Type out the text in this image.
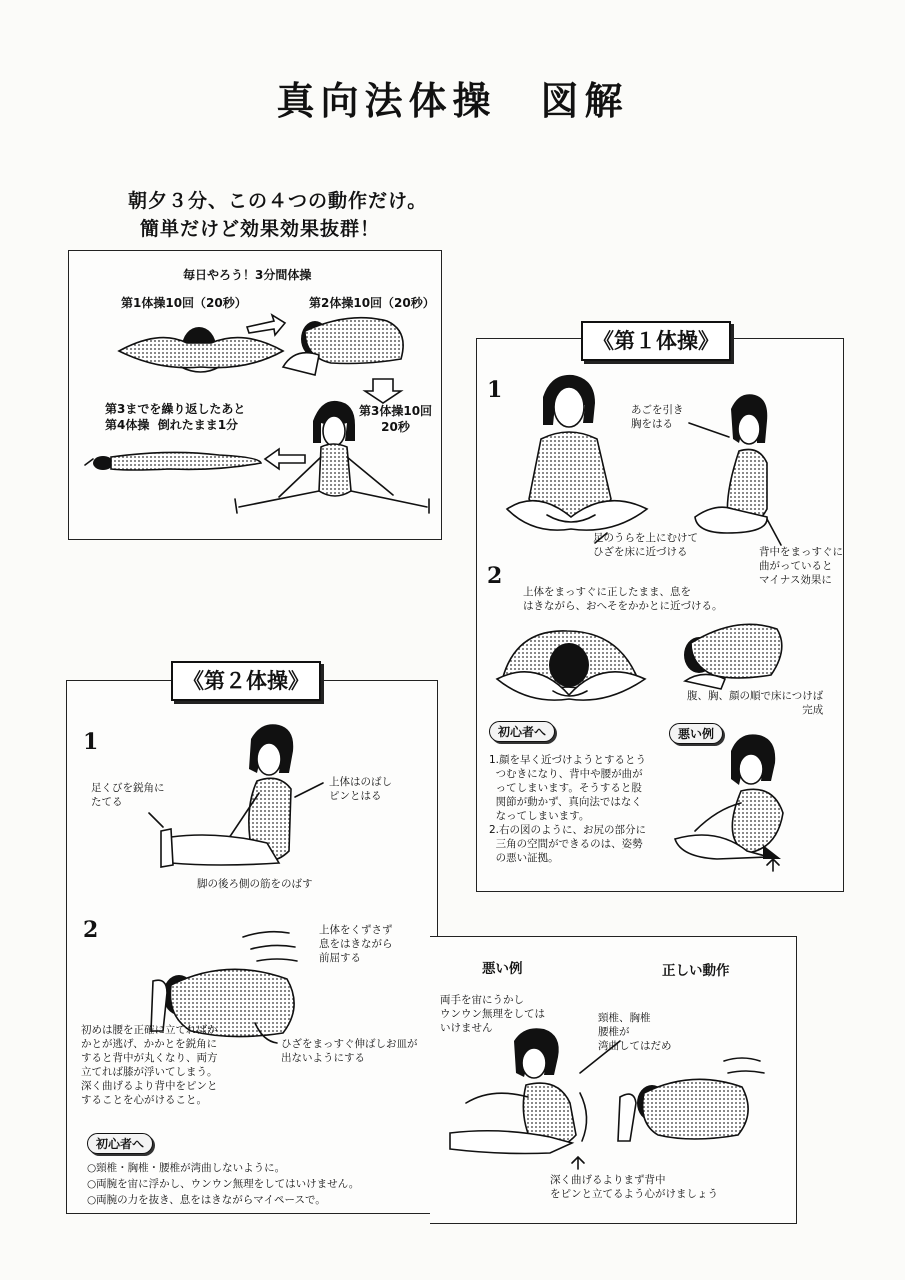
真向法体操　図解
朝夕３分、この４つの動作だけ。
簡単だけど効果効果抜群！
毎日やろう！3分間体操
第1体操10回（20秒）	第2体操10回（20秒）
第3体操10回
20秒
第3までを繰り返したあと
第4体操  倒れたまま1分
《第１体操》
1
あごを引き
胸をはる
足のうらを上にむけて
ひざを床に近づける	背中をまっすぐに
曲がっていると
マイナス効果に
2
上体をまっすぐに正したまま、息を
はきながら、おへそをかかとに近づける。
腹、胸、顔の順で床につけば
完成
悪い例
初心者へ
1.顔を早く近づけようとするとう
つむきになり、背中や腰が曲が
ってしまいます。そうすると股
関節が動かず、真向法ではなく
なってしまいます。
2.右の図のように、お尻の部分に
三角の空間ができるのは、姿勢
の悪い証拠。
《第２体操》
1
足くびを鋭角に
たてる
上体はのばし
ピンとはる
脚の後ろ側の筋をのばす
2	上体をくずさず
息をはきながら
前屈する
ひざをまっすぐ伸ばしお皿が
出ないようにする
初めは腰を正確に立てればか
かとが逃げ、かかとを鋭角に
すると背中が丸くなり、両方
立てれば膝が浮いてしまう。
深く曲げるより背中をピンと
することを心がけること。
初心者へ
○頸椎・胸椎・腰椎が湾曲しないように。
○両腕を宙に浮かし、ウンウン無理をしてはいけません。
○両腕の力を抜き、息をはきながらマイペースで。
悪い例	正しい動作
両手を宙にうかし
ウンウン無理をしては
いけません
頸椎、胸椎
腰椎が
湾曲してはだめ
深く曲げるよりまず背中
をピンと立てるよう心がけましょう
